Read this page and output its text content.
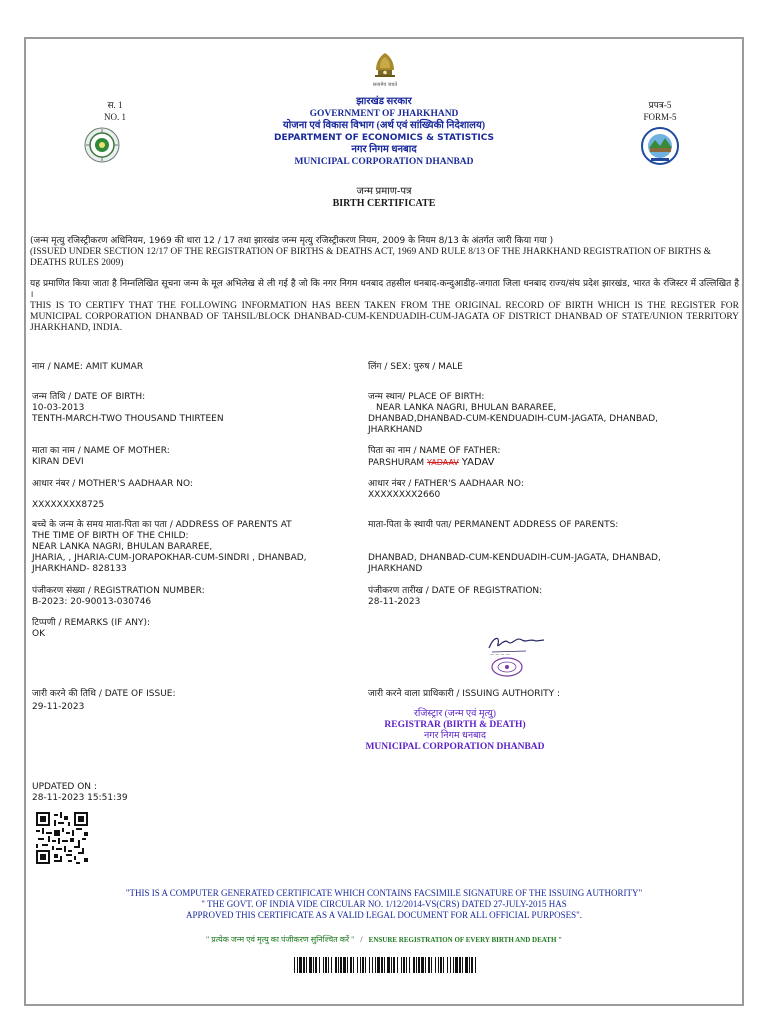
स. 1
NO. 1
प्रपत्र-5
FORM-5
सत्यमेव जयते
झारखंड सरकार
GOVERNMENT OF JHARKHAND
योजना एवं विकास विभाग (अर्थ एवं सांख्यिकी निदेशालय)
DEPARTMENT OF ECONOMICS & STATISTICS
नगर निगम धनबाद
MUNICIPAL CORPORATION DHANBAD
जन्म प्रमाण-पत्र
BIRTH CERTIFICATE
(जन्म मृत्यु रजिस्ट्रीकरण अधिनियम, 1969 की धारा 12 / 17 तथा झारखंड जन्म मृत्यु रजिस्ट्रीकरण नियम, 2009 के नियम 8/13 के अंतर्गत जारी किया गया )
(ISSUED UNDER SECTION 12/17 OF THE REGISTRATION OF BIRTHS & DEATHS ACT, 1969 AND RULE 8/13 OF THE JHARKHAND REGISTRATION OF BIRTHS & DEATHS RULES 2009)
यह प्रमाणित किया जाता है निम्नलिखित सूचना जन्म के मूल अभिलेख से ली गई है जो कि नगर निगम धनबाद तहसील धनबाद-कन्दुआडीह-जगाता जिला धनबाद राज्य/संघ प्रदेश झारखंड, भारत के रजिस्टर में उल्लिखित है ।
THIS IS TO CERTIFY THAT THE FOLLOWING INFORMATION HAS BEEN TAKEN FROM THE ORIGINAL RECORD OF BIRTH WHICH IS THE REGISTER FOR MUNICIPAL CORPORATION DHANBAD OF TAHSIL/BLOCK DHANBAD-CUM-KENDUADIH-CUM-JAGATA OF DISTRICT DHANBAD OF STATE/UNION TERRITORY JHARKHAND, INDIA.
नाम / NAME: AMIT KUMAR	लिंग / SEX: पुरुष / MALE
जन्म तिथि / DATE OF BIRTH:
10-03-2013
TENTH-MARCH-TWO THOUSAND THIRTEEN
जन्म स्थान/ PLACE OF BIRTH:
NEAR LANKA NAGRI, BHULAN BARAREE,
DHANBAD,DHANBAD-CUM-KENDUADIH-CUM-JAGATA, DHANBAD,
JHARKHAND
माता का नाम / NAME OF MOTHER:
KIRAN DEVI
पिता का नाम / NAME OF FATHER:
PARSHURAM YADAAV YADAV
आधार नंबर / MOTHER'S AADHAAR NO:
XXXXXXXX8725
आधार नंबर / FATHER'S AADHAAR NO:
XXXXXXXX2660
बच्चे के जन्म के समय माता-पिता का पता / ADDRESS OF PARENTS AT
THE TIME OF BIRTH OF THE CHILD:
NEAR LANKA NAGRI, BHULAN BARAREE,
JHARIA, , JHARIA-CUM-JORAPOKHAR-CUM-SINDRI , DHANBAD,
JHARKHAND- 828133
माता-पिता के स्थायी पता/ PERMANENT ADDRESS OF PARENTS:
DHANBAD, DHANBAD-CUM-KENDUADIH-CUM-JAGATA, DHANBAD,
JHARKHAND
पंजीकरण संख्या / REGISTRATION NUMBER:
B-2023: 20-90013-030746
पंजीकरण तारीख / DATE OF REGISTRATION:
28-11-2023
टिप्पणी / REMARKS (IF ANY):
OK
— — — —
जारी करने की तिथि / DATE OF ISSUE:
29-11-2023
जारी करने वाला प्राधिकारी / ISSUING AUTHORITY :
रजिस्ट्रार (जन्म एवं मृत्यु)
REGISTRAR (BIRTH & DEATH)
नगर निगम धनबाद
MUNICIPAL CORPORATION DHANBAD
UPDATED ON :
28-11-2023 15:51:39
"THIS IS A COMPUTER GENERATED CERTIFICATE WHICH CONTAINS FACSIMILE SIGNATURE OF THE ISSUING AUTHORITY"
" THE GOVT. OF INDIA VIDE CIRCULAR NO. 1/12/2014-VS(CRS) DATED 27-JULY-2015 HAS
APPROVED THIS CERTIFICATE AS A VALID LEGAL DOCUMENT FOR ALL OFFICIAL PURPOSES".
" प्रत्येक जन्म एवं मृत्यु का पंजीकरण सुनिश्चित करें " / ENSURE REGISTRATION OF EVERY BIRTH AND DEATH "
